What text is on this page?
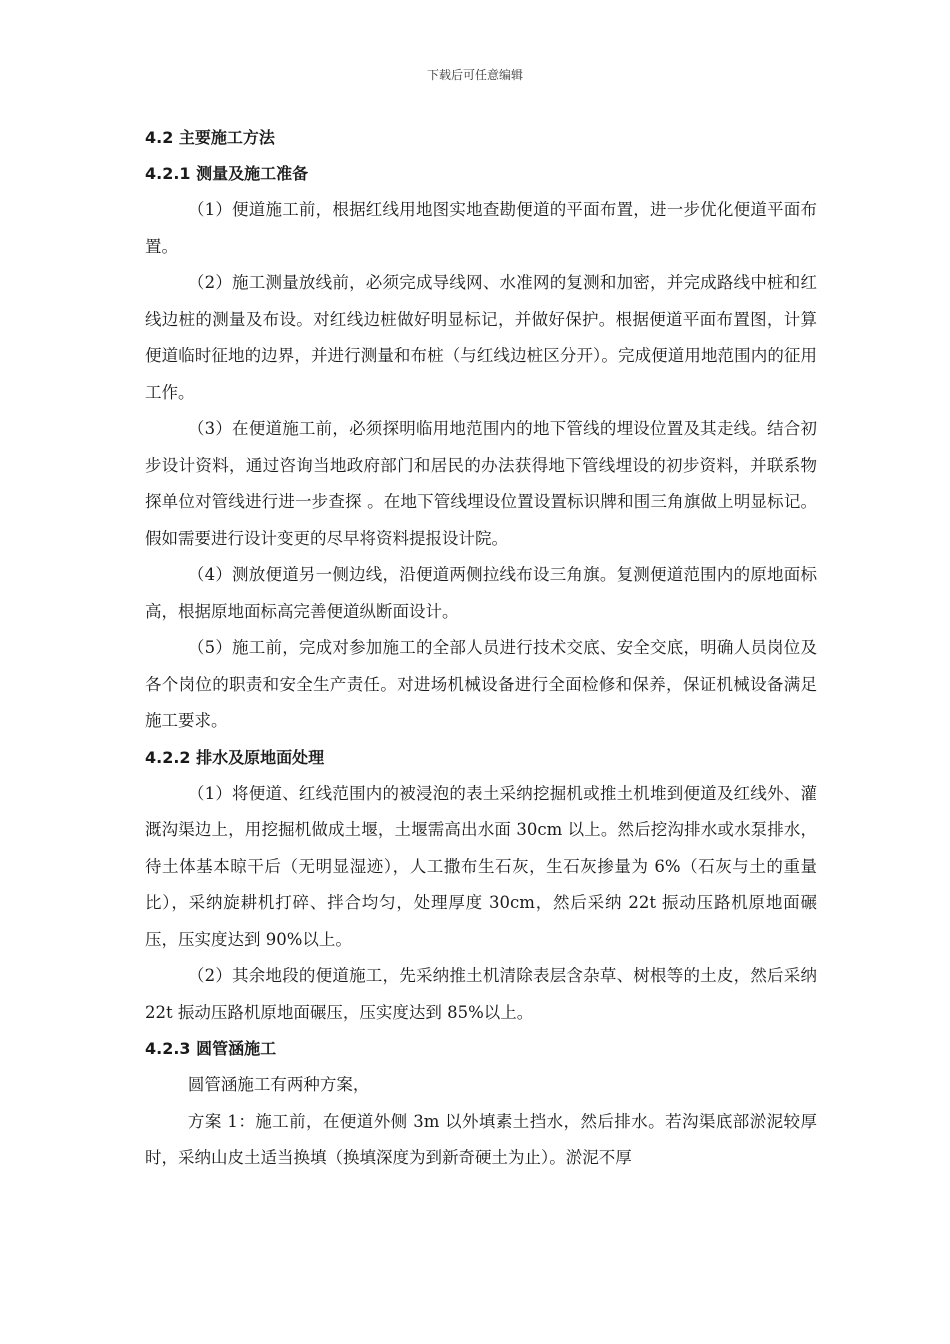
下载后可任意编辑
4.2 主要施工方法
4.2.1 测量及施工准备

（1）便道施工前，根据红线用地图实地查勘便道的平面布置，进一步优化便道平面布置。

（2）施工测量放线前，必须完成导线网、水准网的复测和加密，并完成路线中桩和红线边桩的测量及布设。对红线边桩做好明显标记，并做好保护。根据便道平面布置图，计算便道临时征地的边界，并进行测量和布桩（与红线边桩区分开）。完成便道用地范围内的征用工作。

（3）在便道施工前，必须探明临用地范围内的地下管线的埋设位置及其走线。结合初步设计资料，通过咨询当地政府部门和居民的办法获得地下管线埋设的初步资料，并联系物探单位对管线进行进一步查探 。在地下管线埋设位置设置标识牌和围三角旗做上明显标记。假如需要进行设计变更的尽早将资料提报设计院。

（4）测放便道另一侧边线，沿便道两侧拉线布设三角旗。复测便道范围内的原地面标高，根据原地面标高完善便道纵断面设计。

（5）施工前，完成对参加施工的全部人员进行技术交底、安全交底，明确人员岗位及各个岗位的职责和安全生产责任。对进场机械设备进行全面检修和保养，保证机械设备满足施工要求。

4.2.2 排水及原地面处理

（1）将便道、红线范围内的被浸泡的表土采纳挖掘机或推土机堆到便道及红线外、灌溉沟渠边上，用挖掘机做成土堰，土堰需高出水面 30cm 以上。然后挖沟排水或水泵排水，待土体基本晾干后（无明显湿迹），人工撒布生石灰，生石灰掺量为 6%（石灰与土的重量比），采纳旋耕机打碎、拌合均匀，处理厚度 30cm，然后采纳 22t 振动压路机原地面碾压，压实度达到 90%以上。

（2）其余地段的便道施工，先采纳推土机清除表层含杂草、树根等的土皮，然后采纳 22t 振动压路机原地面碾压，压实度达到 85%以上。

4.2.3 圆管涵施工

圆管涵施工有两种方案，

方案 1：施工前，在便道外侧 3m 以外填素土挡水，然后排水。若沟渠底部淤泥较厚时，采纳山皮土适当换填（换填深度为到新奇硬土为止）。淤泥不厚
